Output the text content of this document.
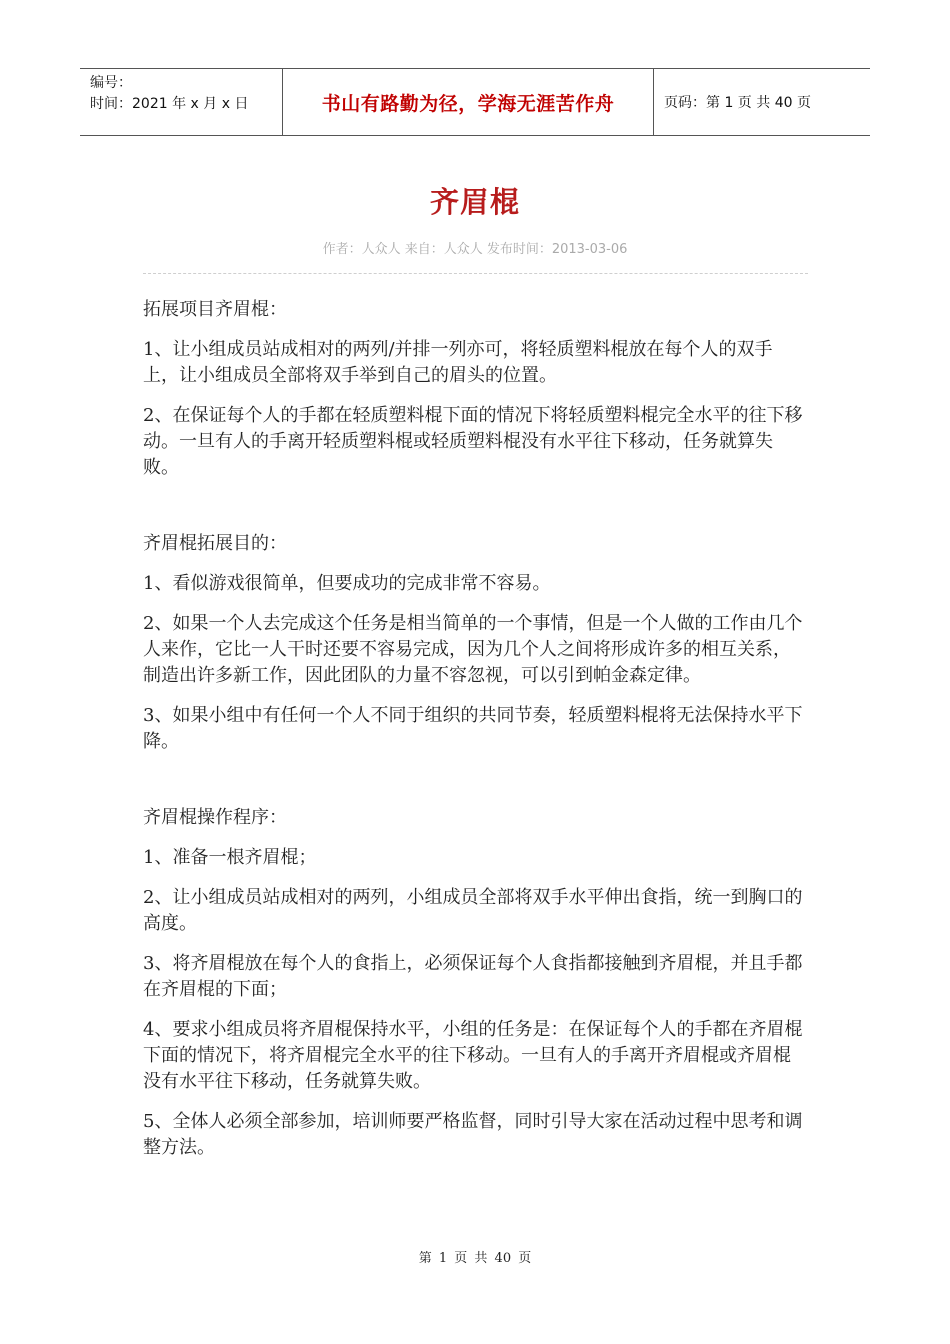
编号：
时间：2021 年 x 月 x 日	书山有路勤为径，学海无涯苦作舟	页码：第 1 页 共 40 页
齐眉棍
作者：人众人 来自：人众人 发布时间：2013-03-06

拓展项目齐眉棍：

1、让小组成员站成相对的两列/并排一列亦可，将轻质塑料棍放在每个人的双手上，让小组成员全部将双手举到自己的眉头的位置。

2、在保证每个人的手都在轻质塑料棍下面的情况下将轻质塑料棍完全水平的往下移动。一旦有人的手离开轻质塑料棍或轻质塑料棍没有水平往下移动，任务就算失败。

齐眉棍拓展目的：

1、看似游戏很简单，但要成功的完成非常不容易。

2、如果一个人去完成这个任务是相当简单的一个事情，但是一个人做的工作由几个人来作，它比一人干时还要不容易完成，因为几个人之间将形成许多的相互关系，制造出许多新工作，因此团队的力量不容忽视，可以引到帕金森定律。

3、如果小组中有任何一个人不同于组织的共同节奏，轻质塑料棍将无法保持水平下降。

齐眉棍操作程序：

1、准备一根齐眉棍；

2、让小组成员站成相对的两列，小组成员全部将双手水平伸出食指，统一到胸口的高度。

3、将齐眉棍放在每个人的食指上，必须保证每个人食指都接触到齐眉棍，并且手都在齐眉棍的下面；

4、要求小组成员将齐眉棍保持水平，小组的任务是：在保证每个人的手都在齐眉棍下面的情况下，将齐眉棍完全水平的往下移动。一旦有人的手离开齐眉棍或齐眉棍没有水平往下移动，任务就算失败。

5、全体人必须全部参加，培训师要严格监督，同时引导大家在活动过程中思考和调整方法。

第 1 页 共 40 页
